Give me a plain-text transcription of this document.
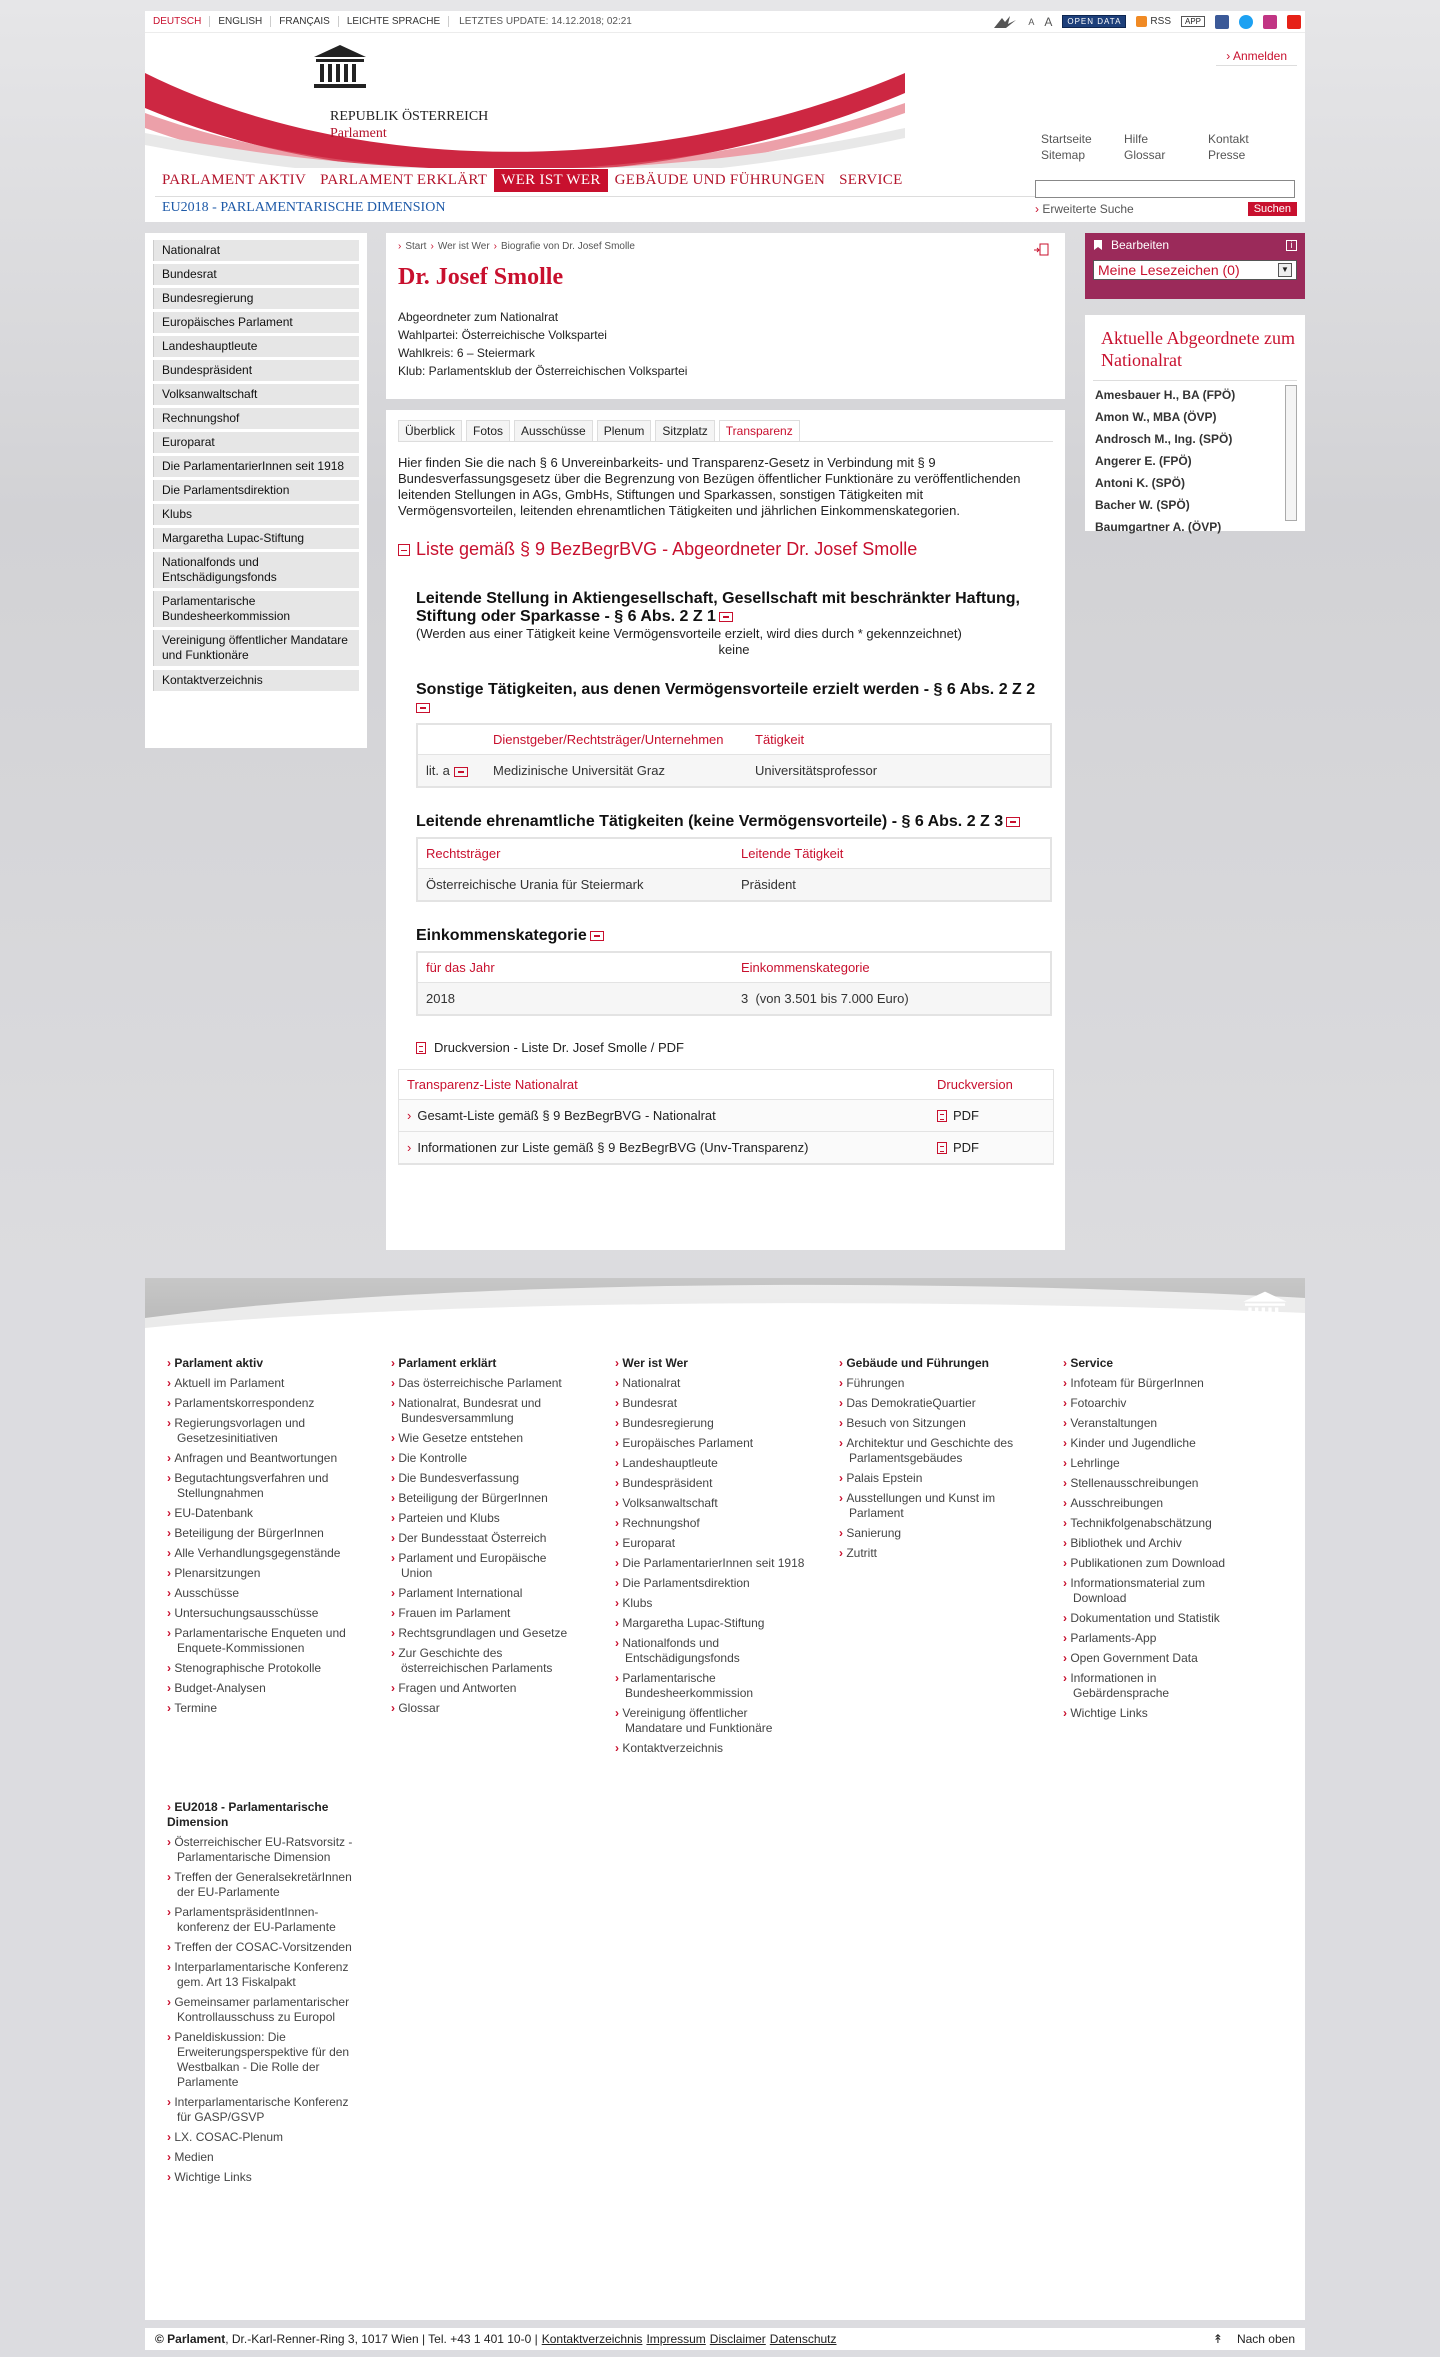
DEUTSCH	ENGLISH	FRANÇAIS	LEICHTE SPRACHE	LETZTES UPDATE: 14.12.2018; 02:21	A A	OPEN DATA	RSS	APP
REPUBLIK ÖSTERREICH
Parlament
› Anmelden
Startseite
Sitemap
Hilfe
Glossar
Kontakt
Presse
PARLAMENT AKTIV PARLAMENT ERKLÄRT WER IST WER GEBÄUDE UND FÜHRUNGEN SERVICE
EU2018 - PARLAMENTARISCHE DIMENSION	› Erweiterte Suche	Suchen
Nationalrat
Bundesrat
Bundesregierung
Europäisches Parlament
Landeshauptleute
Bundespräsident
Volksanwaltschaft
Rechnungshof
Europarat
Die ParlamentarierInnen seit 1918
Die Parlamentsdirektion
Klubs
Margaretha Lupac-Stiftung
Nationalfonds und Entschädigungsfonds
Parlamentarische Bundesheerkommission
Vereinigung öffentlicher Mandatare und Funktionäre
Kontaktverzeichnis
› Start › Wer ist Wer › Biografie von Dr. Josef Smolle
Dr. Josef Smolle
Abgeordneter zum Nationalrat
Wahlpartei: Österreichische Volkspartei
Wahlkreis: 6 – Steiermark
Klub: Parlamentsklub der Österreichischen Volkspartei
Überblick	Fotos	Ausschüsse	Plenum	Sitzplatz	Transparenz

Hier finden Sie die nach § 6 Unvereinbarkeits- und Transparenz-Gesetz in Verbindung mit § 9 Bundesverfassungsgesetz über die Begrenzung von Bezügen öffentlicher Funktionäre zu veröffentlichenden leitenden Stellungen in AGs, GmbHs, Stiftungen und Sparkassen, sonstigen Tätigkeiten mit Vermögensvorteilen, leitenden ehrenamtlichen Tätigkeiten und jährlichen Einkommenskategorien.

Liste gemäß § 9 BezBegrBVG - Abgeordneter Dr. Josef Smolle
Leitende Stellung in Aktiengesellschaft, Gesellschaft mit beschränkter Haftung, Stiftung oder Sparkasse - § 6 Abs. 2 Z 1
(Werden aus einer Tätigkeit keine Vermögensvorteile erzielt, wird dies durch * gekennzeichnet)
keine
Sonstige Tätigkeiten, aus denen Vermögensvorteile erzielt werden - § 6 Abs. 2 Z 2

Dienstgeber/Rechtsträger/Unternehmen	Tätigkeit
lit. a	Medizinische Universität Graz	Universitätsprofessor
Leitende ehrenamtliche Tätigkeiten (keine Vermögensvorteile) - § 6 Abs. 2 Z 3
Rechtsträger	Leitende Tätigkeit
Österreichische Urania für Steiermark	Präsident
Einkommenskategorie
für das Jahr	Einkommenskategorie
2018	3  (von 3.501 bis 7.000 Euro)
Druckversion - Liste Dr. Josef Smolle / PDF
Transparenz-Liste Nationalrat	Druckversion
› Gesamt-Liste gemäß § 9 BezBegrBVG - Nationalrat	PDF
› Informationen zur Liste gemäß § 9 BezBegrBVG (Unv-Transparenz)	PDF
Bearbeiten	i
Meine Lesezeichen (0)	▼
Aktuelle Abgeordnete zum Nationalrat
Amesbauer H., BA (FPÖ)
Amon W., MBA (ÖVP)
Androsch M., Ing. (SPÖ)
Angerer E. (FPÖ)
Antoni K. (SPÖ)
Bacher W. (SPÖ)
Baumgartner A. (ÖVP)
› Parlament aktiv
› Aktuell im Parlament
› Parlamentskorrespondenz
› Regierungsvorlagen und Gesetzesinitiativen
› Anfragen und Beantwortungen
› Begutachtungsverfahren und Stellungnahmen
› EU-Datenbank
› Beteiligung der BürgerInnen
› Alle Verhandlungsgegenstände
› Plenarsitzungen
› Ausschüsse
› Untersuchungsausschüsse
› Parlamentarische Enqueten und Enquete-Kommissionen
› Stenographische Protokolle
› Budget-Analysen
› Termine
› Parlament erklärt
› Das österreichische Parlament
› Nationalrat, Bundesrat und Bundesversammlung
› Wie Gesetze entstehen
› Die Kontrolle
› Die Bundesverfassung
› Beteiligung der BürgerInnen
› Parteien und Klubs
› Der Bundesstaat Österreich
› Parlament und Europäische Union
› Parlament International
› Frauen im Parlament
› Rechtsgrundlagen und Gesetze
› Zur Geschichte des österreichischen Parlaments
› Fragen und Antworten
› Glossar
› Wer ist Wer
› Nationalrat
› Bundesrat
› Bundesregierung
› Europäisches Parlament
› Landeshauptleute
› Bundespräsident
› Volksanwaltschaft
› Rechnungshof
› Europarat
› Die ParlamentarierInnen seit 1918
› Die Parlamentsdirektion
› Klubs
› Margaretha Lupac-Stiftung
› Nationalfonds und Entschädigungsfonds
› Parlamentarische Bundesheerkommission
› Vereinigung öffentlicher Mandatare und Funktionäre
› Kontaktverzeichnis
› Gebäude und Führungen
› Führungen
› Das DemokratieQuartier
› Besuch von Sitzungen
› Architektur und Geschichte des Parlamentsgebäudes
› Palais Epstein
› Ausstellungen und Kunst im Parlament
› Sanierung
› Zutritt
› Service
› Infoteam für BürgerInnen
› Fotoarchiv
› Veranstaltungen
› Kinder und Jugendliche
› Lehrlinge
› Stellenausschreibungen
› Ausschreibungen
› Technikfolgenabschätzung
› Bibliothek und Archiv
› Publikationen zum Download
› Informationsmaterial zum Download
› Dokumentation und Statistik
› Parlaments-App
› Open Government Data
› Informationen in Gebärdensprache
› Wichtige Links
› EU2018 - Parlamentarische Dimension
› Österreichischer EU-Ratsvorsitz - Parlamentarische Dimension
› Treffen der GeneralsekretärInnen der EU-Parlamente
› ParlamentspräsidentInnen-konferenz der EU-Parlamente
› Treffen der COSAC-Vorsitzenden
› Interparlamentarische Konferenz gem. Art 13 Fiskalpakt
› Gemeinsamer parlamentarischer Kontrollausschuss zu Europol
› Paneldiskussion: Die Erweiterungsperspektive für den Westbalkan - Die Rolle der Parlamente
› Interparlamentarische Konferenz für GASP/GSVP
› LX. COSAC-Plenum
› Medien
› Wichtige Links
© Parlament , Dr.-Karl-Renner-Ring 3, 1017 Wien | Tel. +43 1 401 10-0 | Kontaktverzeichnis Impressum Disclaimer Datenschutz	↟ Nach oben
